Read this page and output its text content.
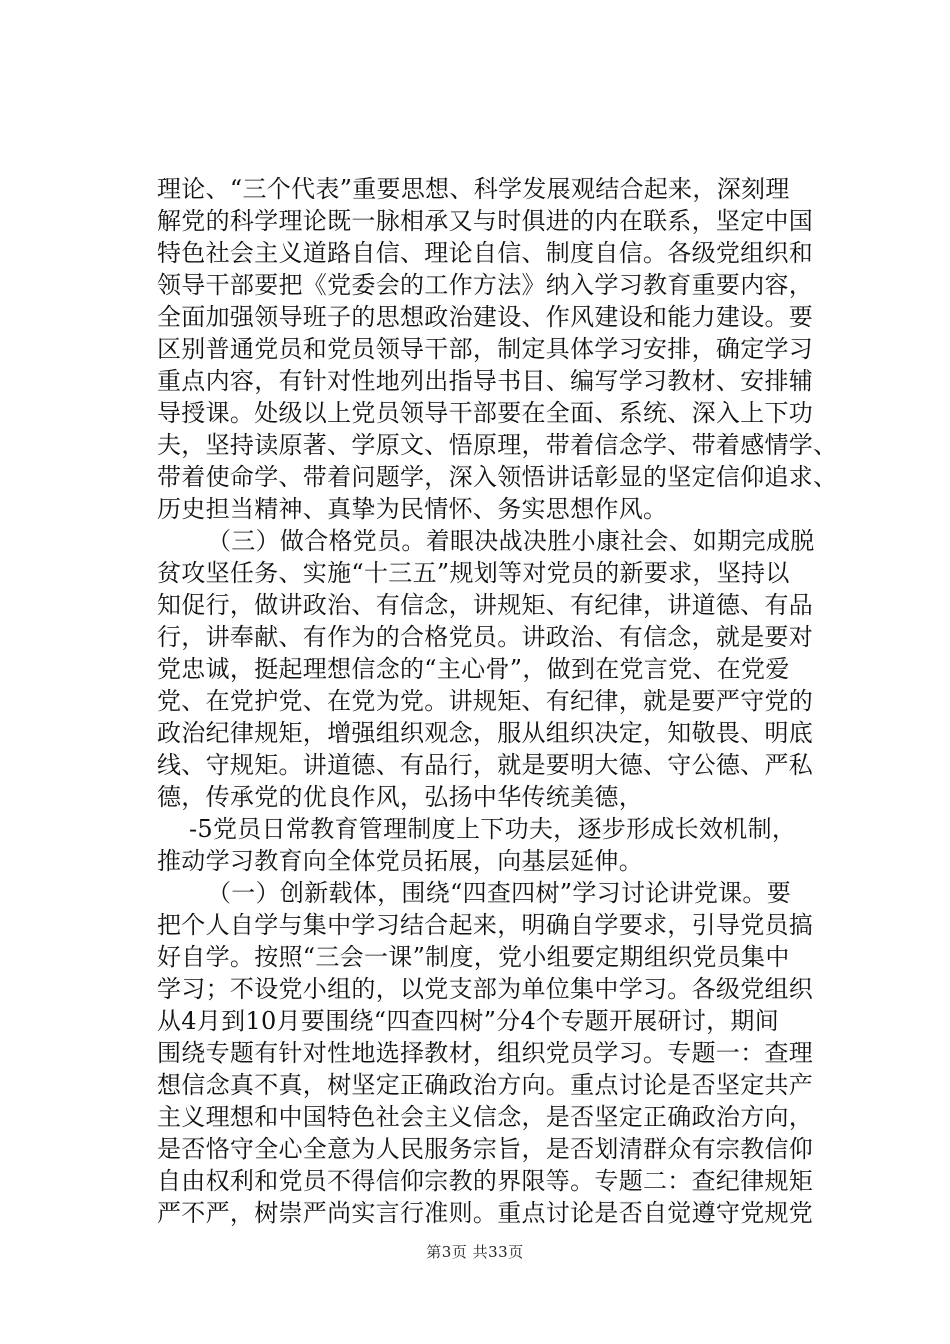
理论、“三个代表”重要思想、科学发展观结合起来，深刻理
解党的科学理论既一脉相承又与时俱进的内在联系，坚定中国
特色社会主义道路自信、理论自信、制度自信。各级党组织和
领导干部要把《党委会的工作方法》纳入学习教育重要内容，
全面加强领导班子的思想政治建设、作风建设和能力建设。要
区别普通党员和党员领导干部，制定具体学习安排，确定学习
重点内容，有针对性地列出指导书目、编写学习教材、安排辅
导授课。处级以上党员领导干部要在全面、系统、深入上下功
夫，坚持读原著、学原文、悟原理，带着信念学、带着感情学、
带着使命学、带着问题学，深入领悟讲话彰显的坚定信仰追求、
历史担当精神、真挚为民情怀、务实思想作风。
（三）做合格党员。着眼决战决胜小康社会、如期完成脱
贫攻坚任务、实施“十三五”规划等对党员的新要求，坚持以
知促行，做讲政治、有信念，讲规矩、有纪律，讲道德、有品
行，讲奉献、有作为的合格党员。讲政治、有信念，就是要对
党忠诚，挺起理想信念的“主心骨”，做到在党言党、在党爱
党、在党护党、在党为党。讲规矩、有纪律，就是要严守党的
政治纪律规矩，增强组织观念，服从组织决定，知敬畏、明底
线、守规矩。讲道德、有品行，就是要明大德、守公德、严私
德，传承党的优良作风，弘扬中华传统美德，
-5党员日常教育管理制度上下功夫，逐步形成长效机制，
推动学习教育向全体党员拓展，向基层延伸。
（一）创新载体，围绕“四查四树”学习讨论讲党课。要
把个人自学与集中学习结合起来，明确自学要求，引导党员搞
好自学。按照“三会一课”制度，党小组要定期组织党员集中
学习；不设党小组的，以党支部为单位集中学习。各级党组织
从4月到10月要围绕“四查四树”分4个专题开展研讨，期间
围绕专题有针对性地选择教材，组织党员学习。专题一：查理
想信念真不真，树坚定正确政治方向。重点讨论是否坚定共产
主义理想和中国特色社会主义信念，是否坚定正确政治方向，
是否恪守全心全意为人民服务宗旨，是否划清群众有宗教信仰
自由权利和党员不得信仰宗教的界限等。专题二：查纪律规矩
严不严，树崇严尚实言行准则。重点讨论是否自觉遵守党规党
第3页 共33页
